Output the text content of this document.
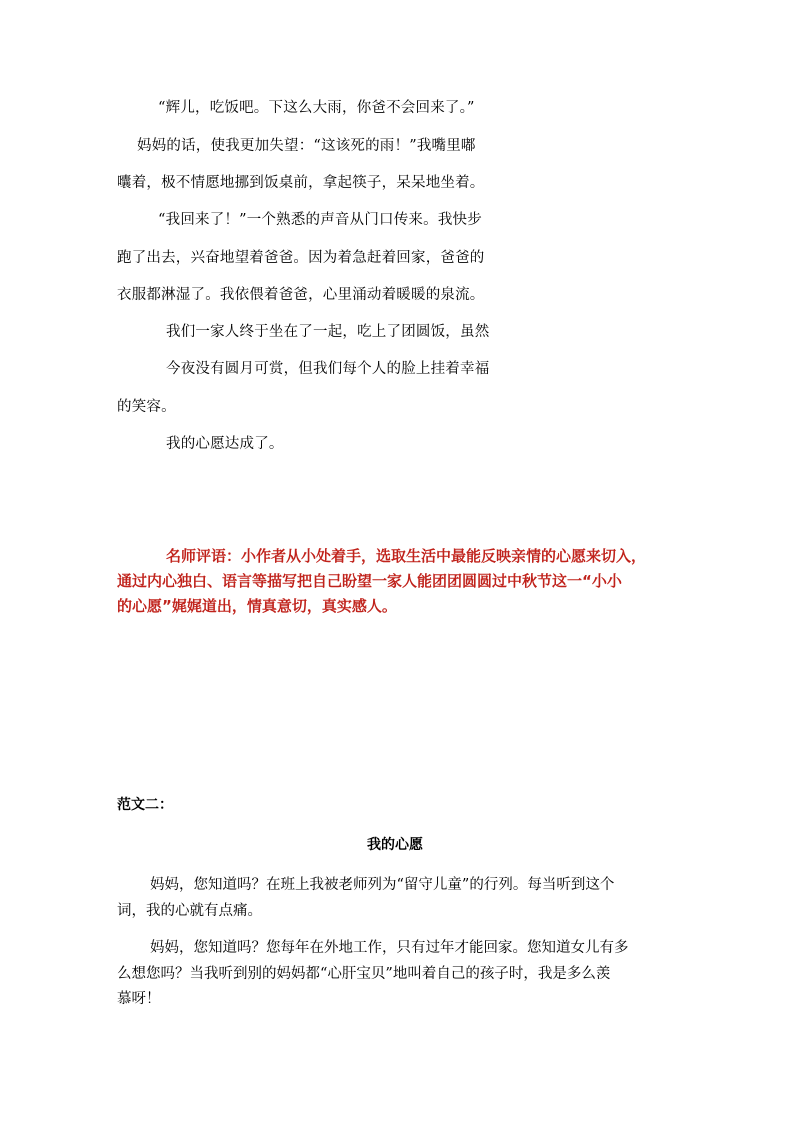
“辉儿，吃饭吧。下这么大雨，你爸不会回来了。”
妈妈的话，使我更加失望：“这该死的雨！”我嘴里嘟
囔着，极不情愿地挪到饭桌前，拿起筷子，呆呆地坐着。
“我回来了！”一个熟悉的声音从门口传来。我快步
跑了出去，兴奋地望着爸爸。因为着急赶着回家，爸爸的
衣服都淋湿了。我依偎着爸爸，心里涌动着暖暖的泉流。
我们一家人终于坐在了一起，吃上了团圆饭，虽然
今夜没有圆月可赏，但我们每个人的脸上挂着幸福
的笑容。
我的心愿达成了。
名师评语：小作者从小处着手，选取生活中最能反映亲情的心愿来切入，
通过内心独白、语言等描写把自己盼望一家人能团团圆圆过中秋节这一“小小
的心愿”娓娓道出，情真意切，真实感人。
范文二：
我的心愿
妈妈，您知道吗？在班上我被老师列为“留守儿童”的行列。每当听到这个
词，我的心就有点痛。
妈妈，您知道吗？您每年在外地工作，只有过年才能回家。您知道女儿有多
么想您吗？当我听到别的妈妈都“心肝宝贝”地叫着自己的孩子时，我是多么羡
慕呀！
